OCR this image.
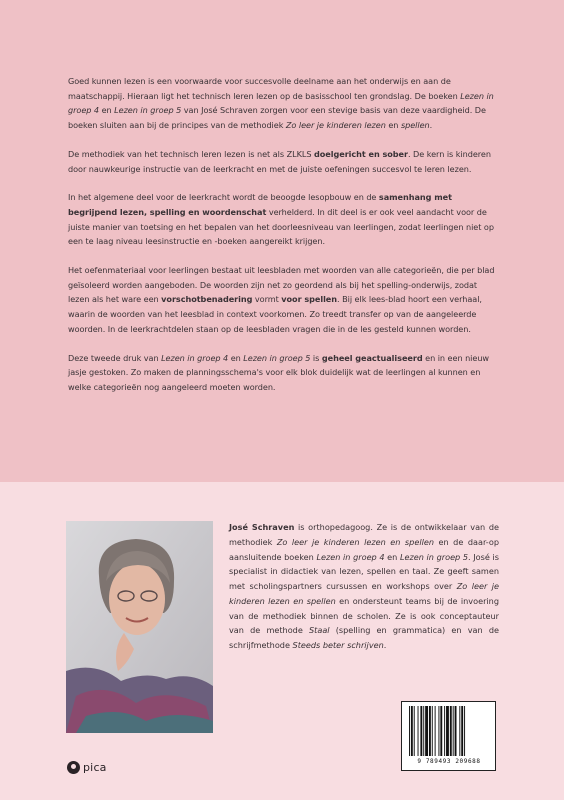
Goed kunnen lezen is een voorwaarde voor succesvolle deelname aan het onderwijs en aan de maatschappij. Hieraan ligt het technisch leren lezen op de basisschool ten grondslag. De boeken Lezen in groep 4 en Lezen in groep 5 van José Schraven zorgen voor een stevige basis van deze vaardigheid. De boeken sluiten aan bij de principes van de methodiek Zo leer je kinderen lezen en spellen.

De methodiek van het technisch leren lezen is net als ZLKLS doelgericht en sober. De kern is kinderen door nauwkeurige instructie van de leerkracht en met de juiste oefeningen succesvol te leren lezen.

In het algemene deel voor de leerkracht wordt de beoogde lesopbouw en de samenhang met begrijpend lezen, spelling en woordenschat verhelderd. In dit deel is er ook veel aandacht voor de juiste manier van toetsing en het bepalen van het doorleesniveau van leerlingen, zodat leerlingen niet op een te laag niveau leesinstructie en -boeken aangereikt krijgen.

Het oefenmateriaal voor leerlingen bestaat uit leesbladen met woorden van alle categorieën, die per blad geïsoleerd worden aangeboden. De woorden zijn net zo geordend als bij het spelling-onderwijs, zodat lezen als het ware een vorschotbenadering vormt voor spellen. Bij elk lees-blad hoort een verhaal, waarin de woorden van het leesblad in context voorkomen. Zo treedt transfer op van de aangeleerde woorden. In de leerkrachtdelen staan op de leesbladen vragen die in de les gesteld kunnen worden.

Deze tweede druk van Lezen in groep 4 en Lezen in groep 5 is geheel geactualiseerd en in een nieuw jasje gestoken. Zo maken de planningsschema's voor elk blok duidelijk wat de leerlingen al kunnen en welke categorieën nog aangeleerd moeten worden.

José Schraven is orthopedagoog. Ze is de ontwikkelaar van de methodiek Zo leer je kinderen lezen en spellen en de daar-op aansluitende boeken Lezen in groep 4 en Lezen in groep 5. José is specialist in didactiek van lezen, spellen en taal. Ze geeft samen met scholingspartners cursussen en workshops over Zo leer je kinderen lezen en spellen en ondersteunt teams bij de invoering van de methodiek binnen de scholen. Ze is ook conceptauteur van de methode Staal (spelling en grammatica) en van de schrijfmethode Steeds beter schrijven.

9 789493 209688
pica
